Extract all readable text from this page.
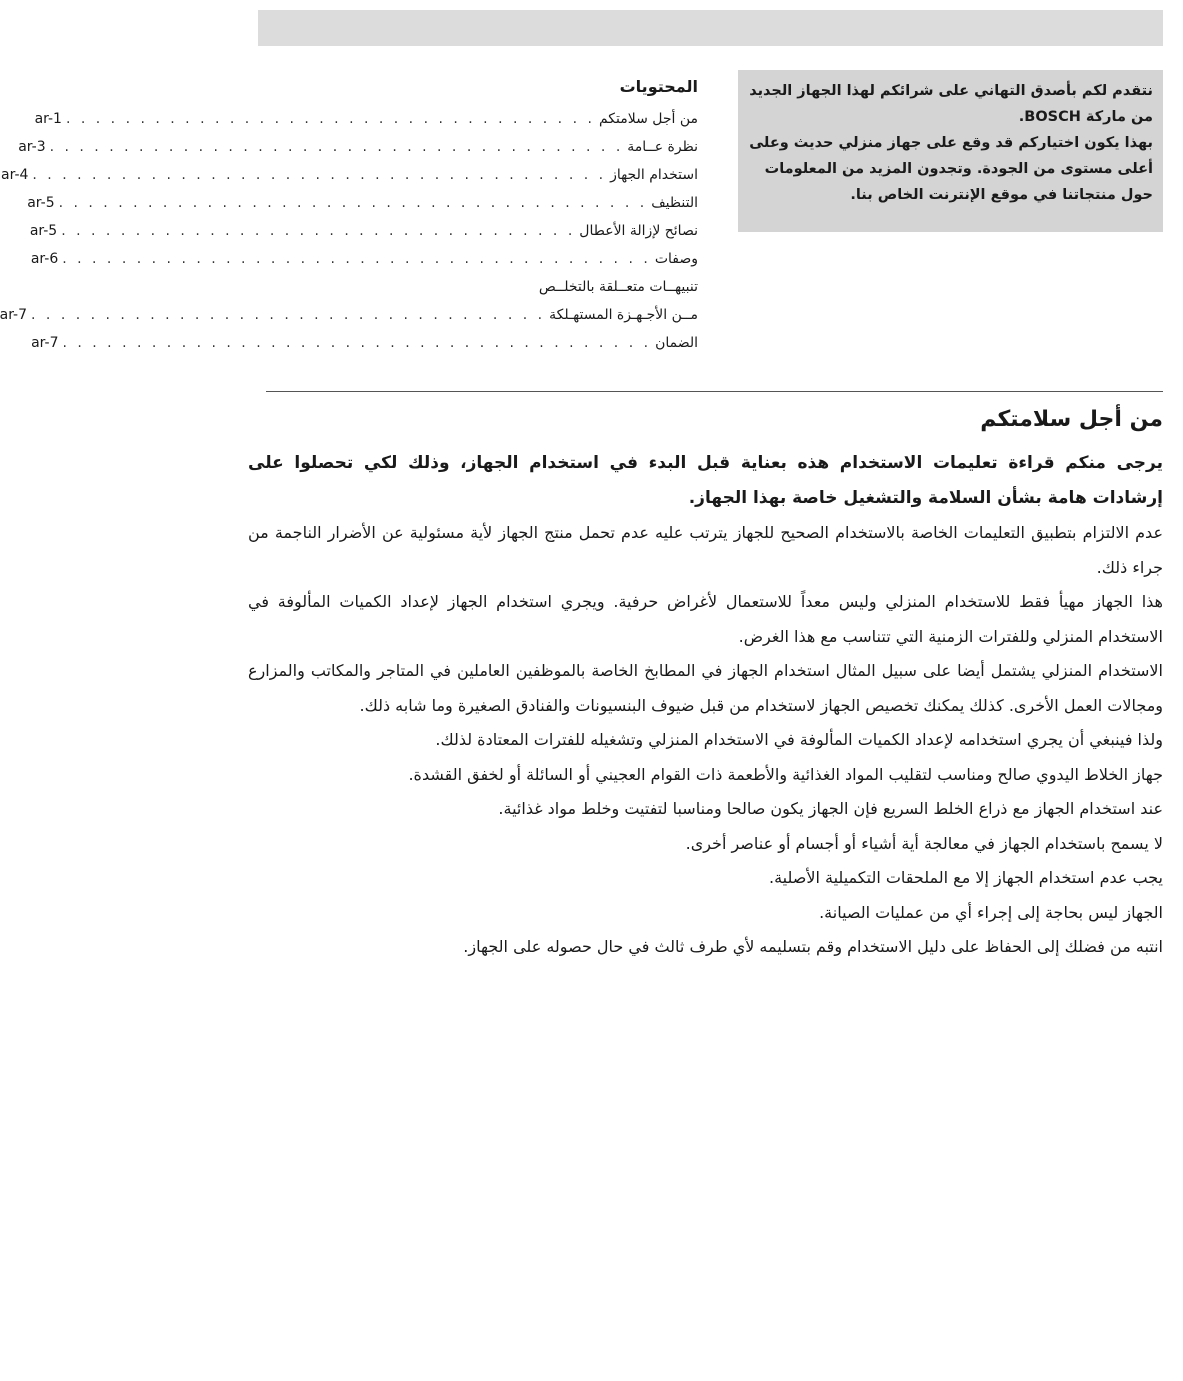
نتقدم لكم بأصدق التهاني على شرائكم لهذا الجهاز الجديد من ماركة BOSCH.

بهذا يكون اختياركم قد وقع على جهاز منزلي حديث وعلى أعلى مستوى من الجودة. وتجدون المزيد من المعلومات حول منتجاتنا في موقع الإنترنت الخاص بنا.

المحتويات
من أجل سلامتكم
. . . . . . . . . . . . . . . . . . . . . . . . . . . . . . . . . . . .
ar-1
نظرة عــامة
. . . . . . . . . . . . . . . . . . . . . . . . . . . . . . . . . . . . . . .
ar-3
استخدام الجهاز
. . . . . . . . . . . . . . . . . . . . . . . . . . . . . . . . . . . . . . .
ar-4
التنظيف
. . . . . . . . . . . . . . . . . . . . . . . . . . . . . . . . . . . . . . . .
ar-5
نصائح لإزالة الأعطال
. . . . . . . . . . . . . . . . . . . . . . . . . . . . . . . . . . .
ar-5
وصفات
. . . . . . . . . . . . . . . . . . . . . . . . . . . . . . . . . . . . . . . .
ar-6
تنبيهــات متعــلقة بالتخلــص
مــن الأجـهـزة المستهـلكة
. . . . . . . . . . . . . . . . . . . . . . . . . . . . . . . . . . .
ar-7
الضمان
. . . . . . . . . . . . . . . . . . . . . . . . . . . . . . . . . . . . . . . .
ar-7
من أجل سلامتكم

يرجى منكم قراءة تعليمات الاستخدام هذه بعناية قبل البدء في استخدام الجهاز، وذلك لكي تحصلوا على إرشادات هامة بشأن السلامة والتشغيل خاصة بهذا الجهاز.

عدم الالتزام بتطبيق التعليمات الخاصة بالاستخدام الصحيح للجهاز يترتب عليه عدم تحمل منتج الجهاز لأية مسئولية عن الأضرار الناجمة من جراء ذلك.

هذا الجهاز مهيأ فقط للاستخدام المنزلي وليس معداً للاستعمال لأغراض حرفية. ويجري استخدام الجهاز لإعداد الكميات المألوفة في الاستخدام المنزلي وللفترات الزمنية التي تتناسب مع هذا الغرض.

الاستخدام المنزلي يشتمل أيضا على سبيل المثال استخدام الجهاز في المطابخ الخاصة بالموظفين العاملين في المتاجر والمكاتب والمزارع ومجالات العمل الأخرى. كذلك يمكنك تخصيص الجهاز لاستخدام من قبل ضيوف البنسيونات والفنادق الصغيرة وما شابه ذلك.

ولذا فينبغي أن يجري استخدامه لإعداد الكميات المألوفة في الاستخدام المنزلي وتشغيله للفترات المعتادة لذلك.

جهاز الخلاط اليدوي صالح ومناسب لتقليب المواد الغذائية والأطعمة ذات القوام العجيني أو السائلة أو لخفق القشدة.

عند استخدام الجهاز مع ذراع الخلط السريع فإن الجهاز يكون صالحا ومناسبا لتفتيت وخلط مواد غذائية.

لا يسمح باستخدام الجهاز في معالجة أية أشياء أو أجسام أو عناصر أخرى.

يجب عدم استخدام الجهاز إلا مع الملحقات التكميلية الأصلية.

الجهاز ليس بحاجة إلى إجراء أي من عمليات الصيانة.

انتبه من فضلك إلى الحفاظ على دليل الاستخدام وقم بتسليمه لأي طرف ثالث في حال حصوله على الجهاز.
